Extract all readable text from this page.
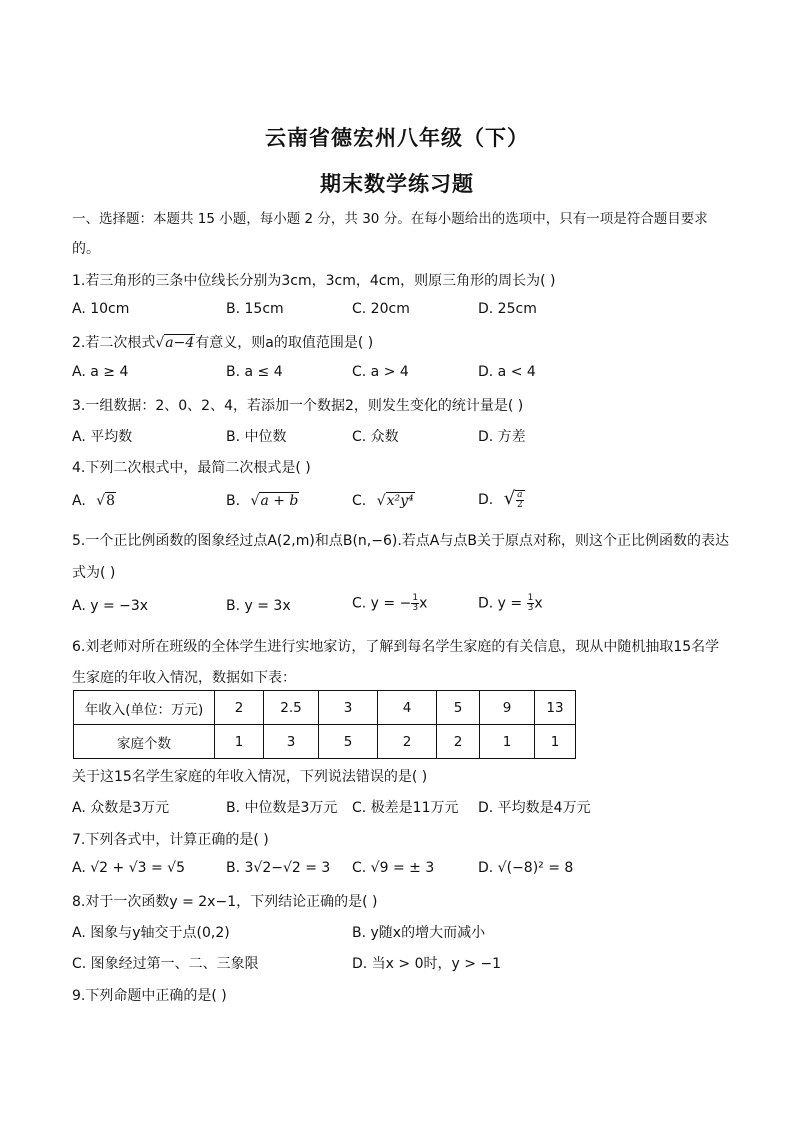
云南省德宏州八年级（下）
期末数学练习题
一、选择题：本题共 15 小题，每小题 2 分，共 30 分。在每小题给出的选项中，只有一项是符合题目要求
的。
1.若三角形的三条中位线长分别为3cm，3cm，4cm，则原三角形的周长为( )
A. 10cm	B. 15cm	C. 20cm	D. 25cm
2.若二次根式√a−4有意义，则a的取值范围是( )
A. a ≥ 4	B. a ≤ 4	C. a > 4	D. a < 4
3.一组数据：2、0、2、4，若添加一个数据2，则发生变化的统计量是( )
A. 平均数	B. 中位数	C. 众数	D. 方差
4.下列二次根式中，最简二次根式是( )
A. √8	B. √a + b	C. √x²y⁴	D. √ $\frac{a}{2}$
5.一个正比例函数的图象经过点A(2,m)和点B(n,−6).若点A与点B关于原点对称，则这个正比例函数的表达
式为( )
A. y = −3x	B. y = 3x	C. y = − $\frac{1}{3}$ x	D. $y = \frac{1}{3}$ x
6.刘老师对所在班级的全体学生进行实地家访，了解到每名学生家庭的有关信息，现从中随机抽取15名学
生家庭的年收入情况，数据如下表：
年收入(单位：万元)	2	2.5	3	4	5	9	13
家庭个数	1	3	5	2	2	1	1
关于这15名学生家庭的年收入情况，下列说法错误的是( )
A. 众数是3万元	B. 中位数是3万元 C. 极差是11万元 D. 平均数是4万元
7.下列各式中，计算正确的是( )
A. √2 + √3 = √5	B. 3√2−√2 = 3 C. √9 = ± 3	D. √(−8)² = 8
8.对于一次函数y = 2x−1，下列结论正确的是( )
A. 图象与y轴交于点(0,2)	B. y随x的增大而减小
C. 图象经过第一、二、三象限	D. 当x > 0时，y > −1
9.下列命题中正确的是( )
